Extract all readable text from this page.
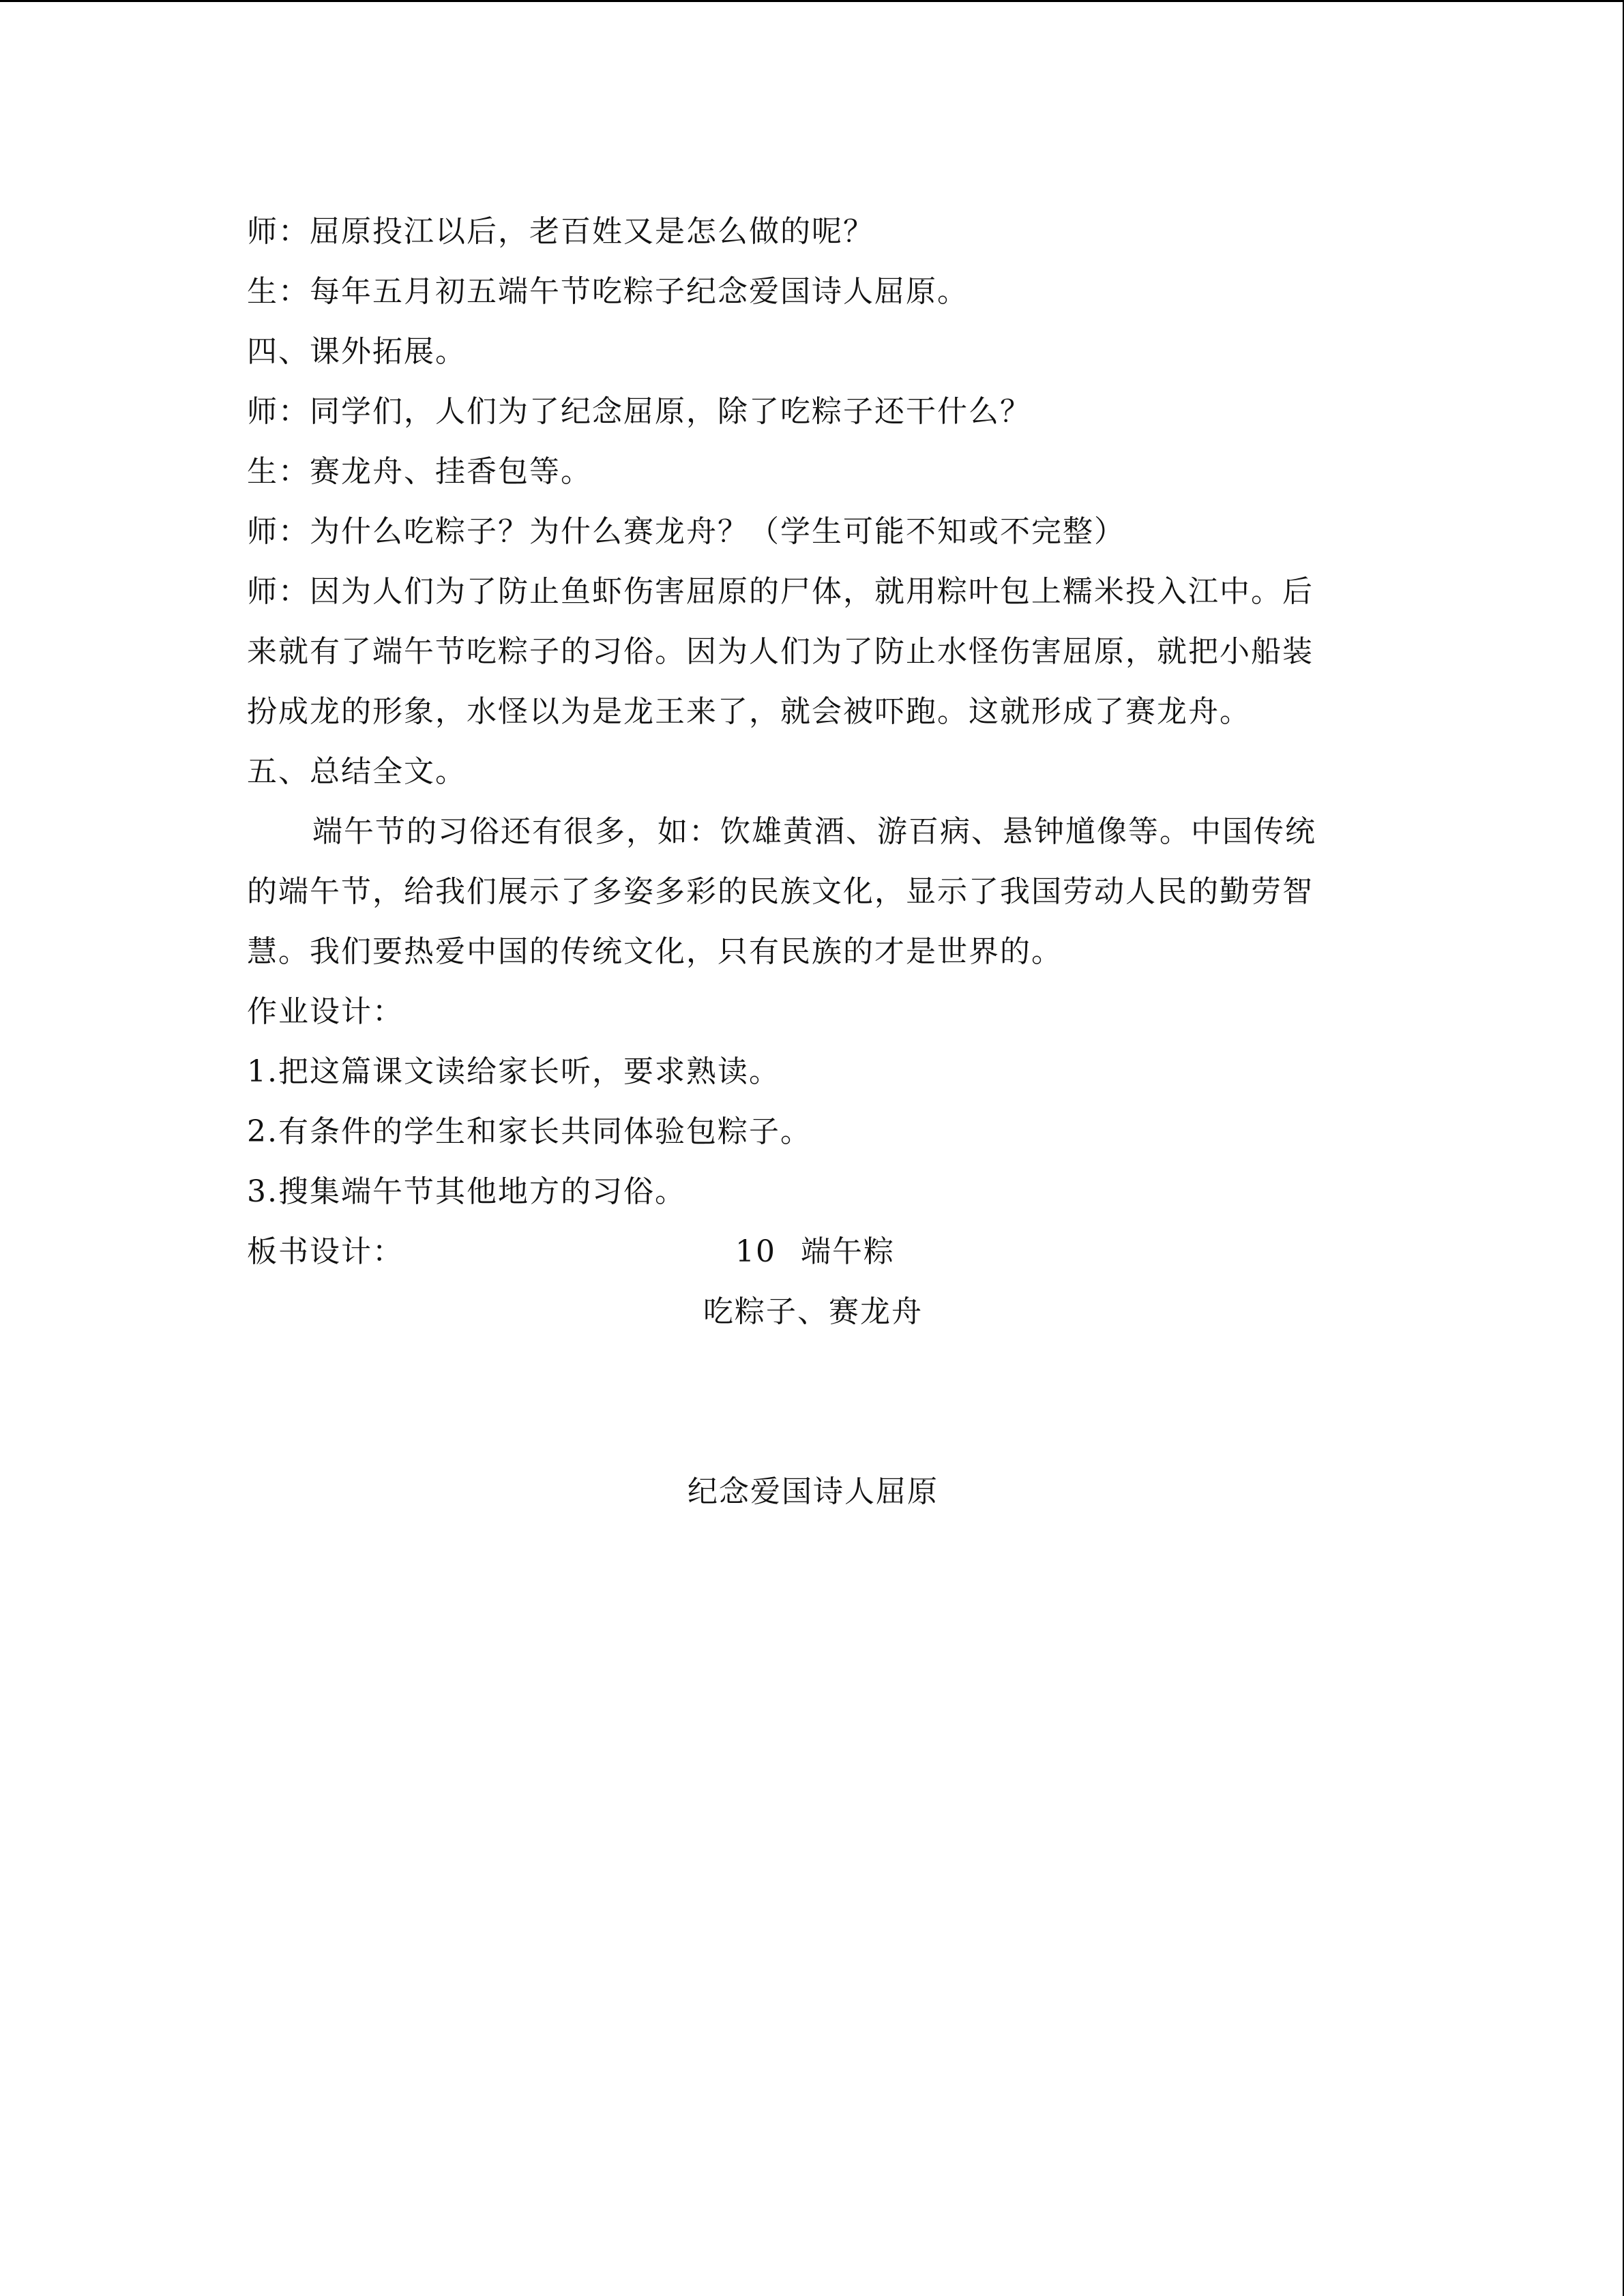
师：屈原投江以后，老百姓又是怎么做的呢？
生：每年五月初五端午节吃粽子纪念爱国诗人屈原。
四、课外拓展。
师：同学们，人们为了纪念屈原，除了吃粽子还干什么？
生：赛龙舟、挂香包等。
师：为什么吃粽子？为什么赛龙舟？（学生可能不知或不完整）
师：因为人们为了防止鱼虾伤害屈原的尸体，就用粽叶包上糯米投入江中。后
来就有了端午节吃粽子的习俗。因为人们为了防止水怪伤害屈原，就把小船装
扮成龙的形象，水怪以为是龙王来了，就会被吓跑。这就形成了赛龙舟。
五、总结全文。
端午节的习俗还有很多，如：饮雄黄酒、游百病、悬钟馗像等。中国传统
的端午节，给我们展示了多姿多彩的民族文化，显示了我国劳动人民的勤劳智
慧。我们要热爱中国的传统文化，只有民族的才是世界的。
作业设计：
1.把这篇课文读给家长听，要求熟读。
2.有条件的学生和家长共同体验包粽子。
3.搜集端午节其他地方的习俗。
板书设计：	10 端午粽
吃粽子、赛龙舟
纪念爱国诗人屈原
